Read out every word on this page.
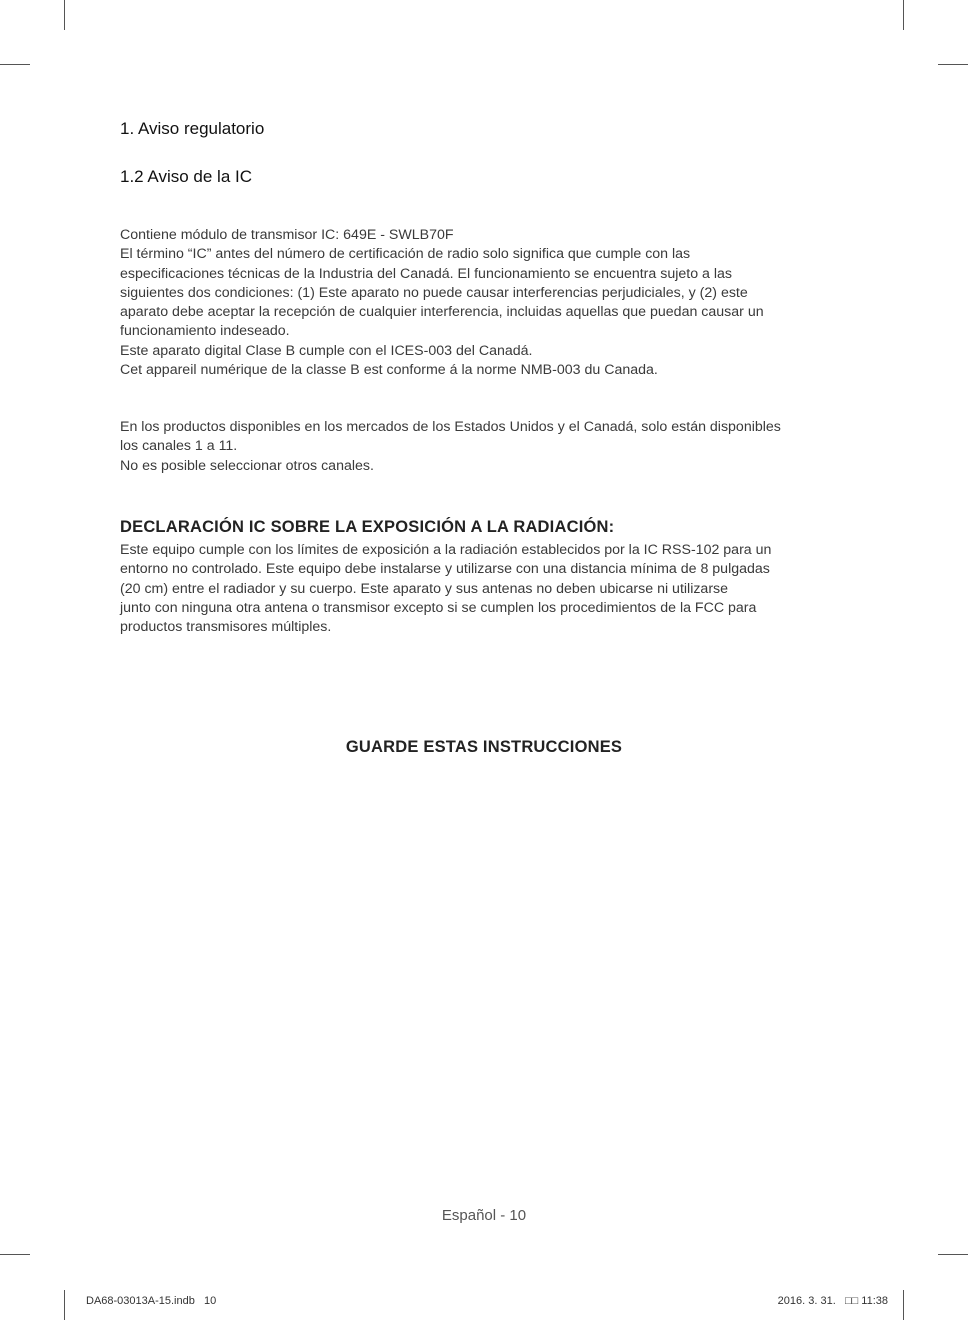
1. Aviso regulatorio
1.2 Aviso de la IC
Contiene módulo de transmisor IC: 649E - SWLB70F
El término “IC” antes del número de certificación de radio solo significa que cumple con las
especificaciones técnicas de la Industria del Canadá. El funcionamiento se encuentra sujeto a las
siguientes dos condiciones: (1) Este aparato no puede causar interferencias perjudiciales, y (2) este
aparato debe aceptar la recepción de cualquier interferencia, incluidas aquellas que puedan causar un
funcionamiento indeseado.
Este aparato digital Clase B cumple con el ICES-003 del Canadá.
Cet appareil numérique de la classe B est conforme á la norme NMB-003 du Canada.
En los productos disponibles en los mercados de los Estados Unidos y el Canadá, solo están disponibles
los canales 1 a 11.
No es posible seleccionar otros canales.
DECLARACIÓN IC SOBRE LA EXPOSICIÓN A LA RADIACIÓN:
Este equipo cumple con los límites de exposición a la radiación establecidos por la IC RSS-102 para un
entorno no controlado. Este equipo debe instalarse y utilizarse con una distancia mínima de 8 pulgadas
(20 cm) entre el radiador y su cuerpo. Este aparato y sus antenas no deben ubicarse ni utilizarse
junto con ninguna otra antena o transmisor excepto si se cumplen los procedimientos de la FCC para
productos transmisores múltiples.
GUARDE ESTAS INSTRUCCIONES
Español - 10
DA68-03013A-15.indb   10	2016. 3. 31.   □□ 11:38
